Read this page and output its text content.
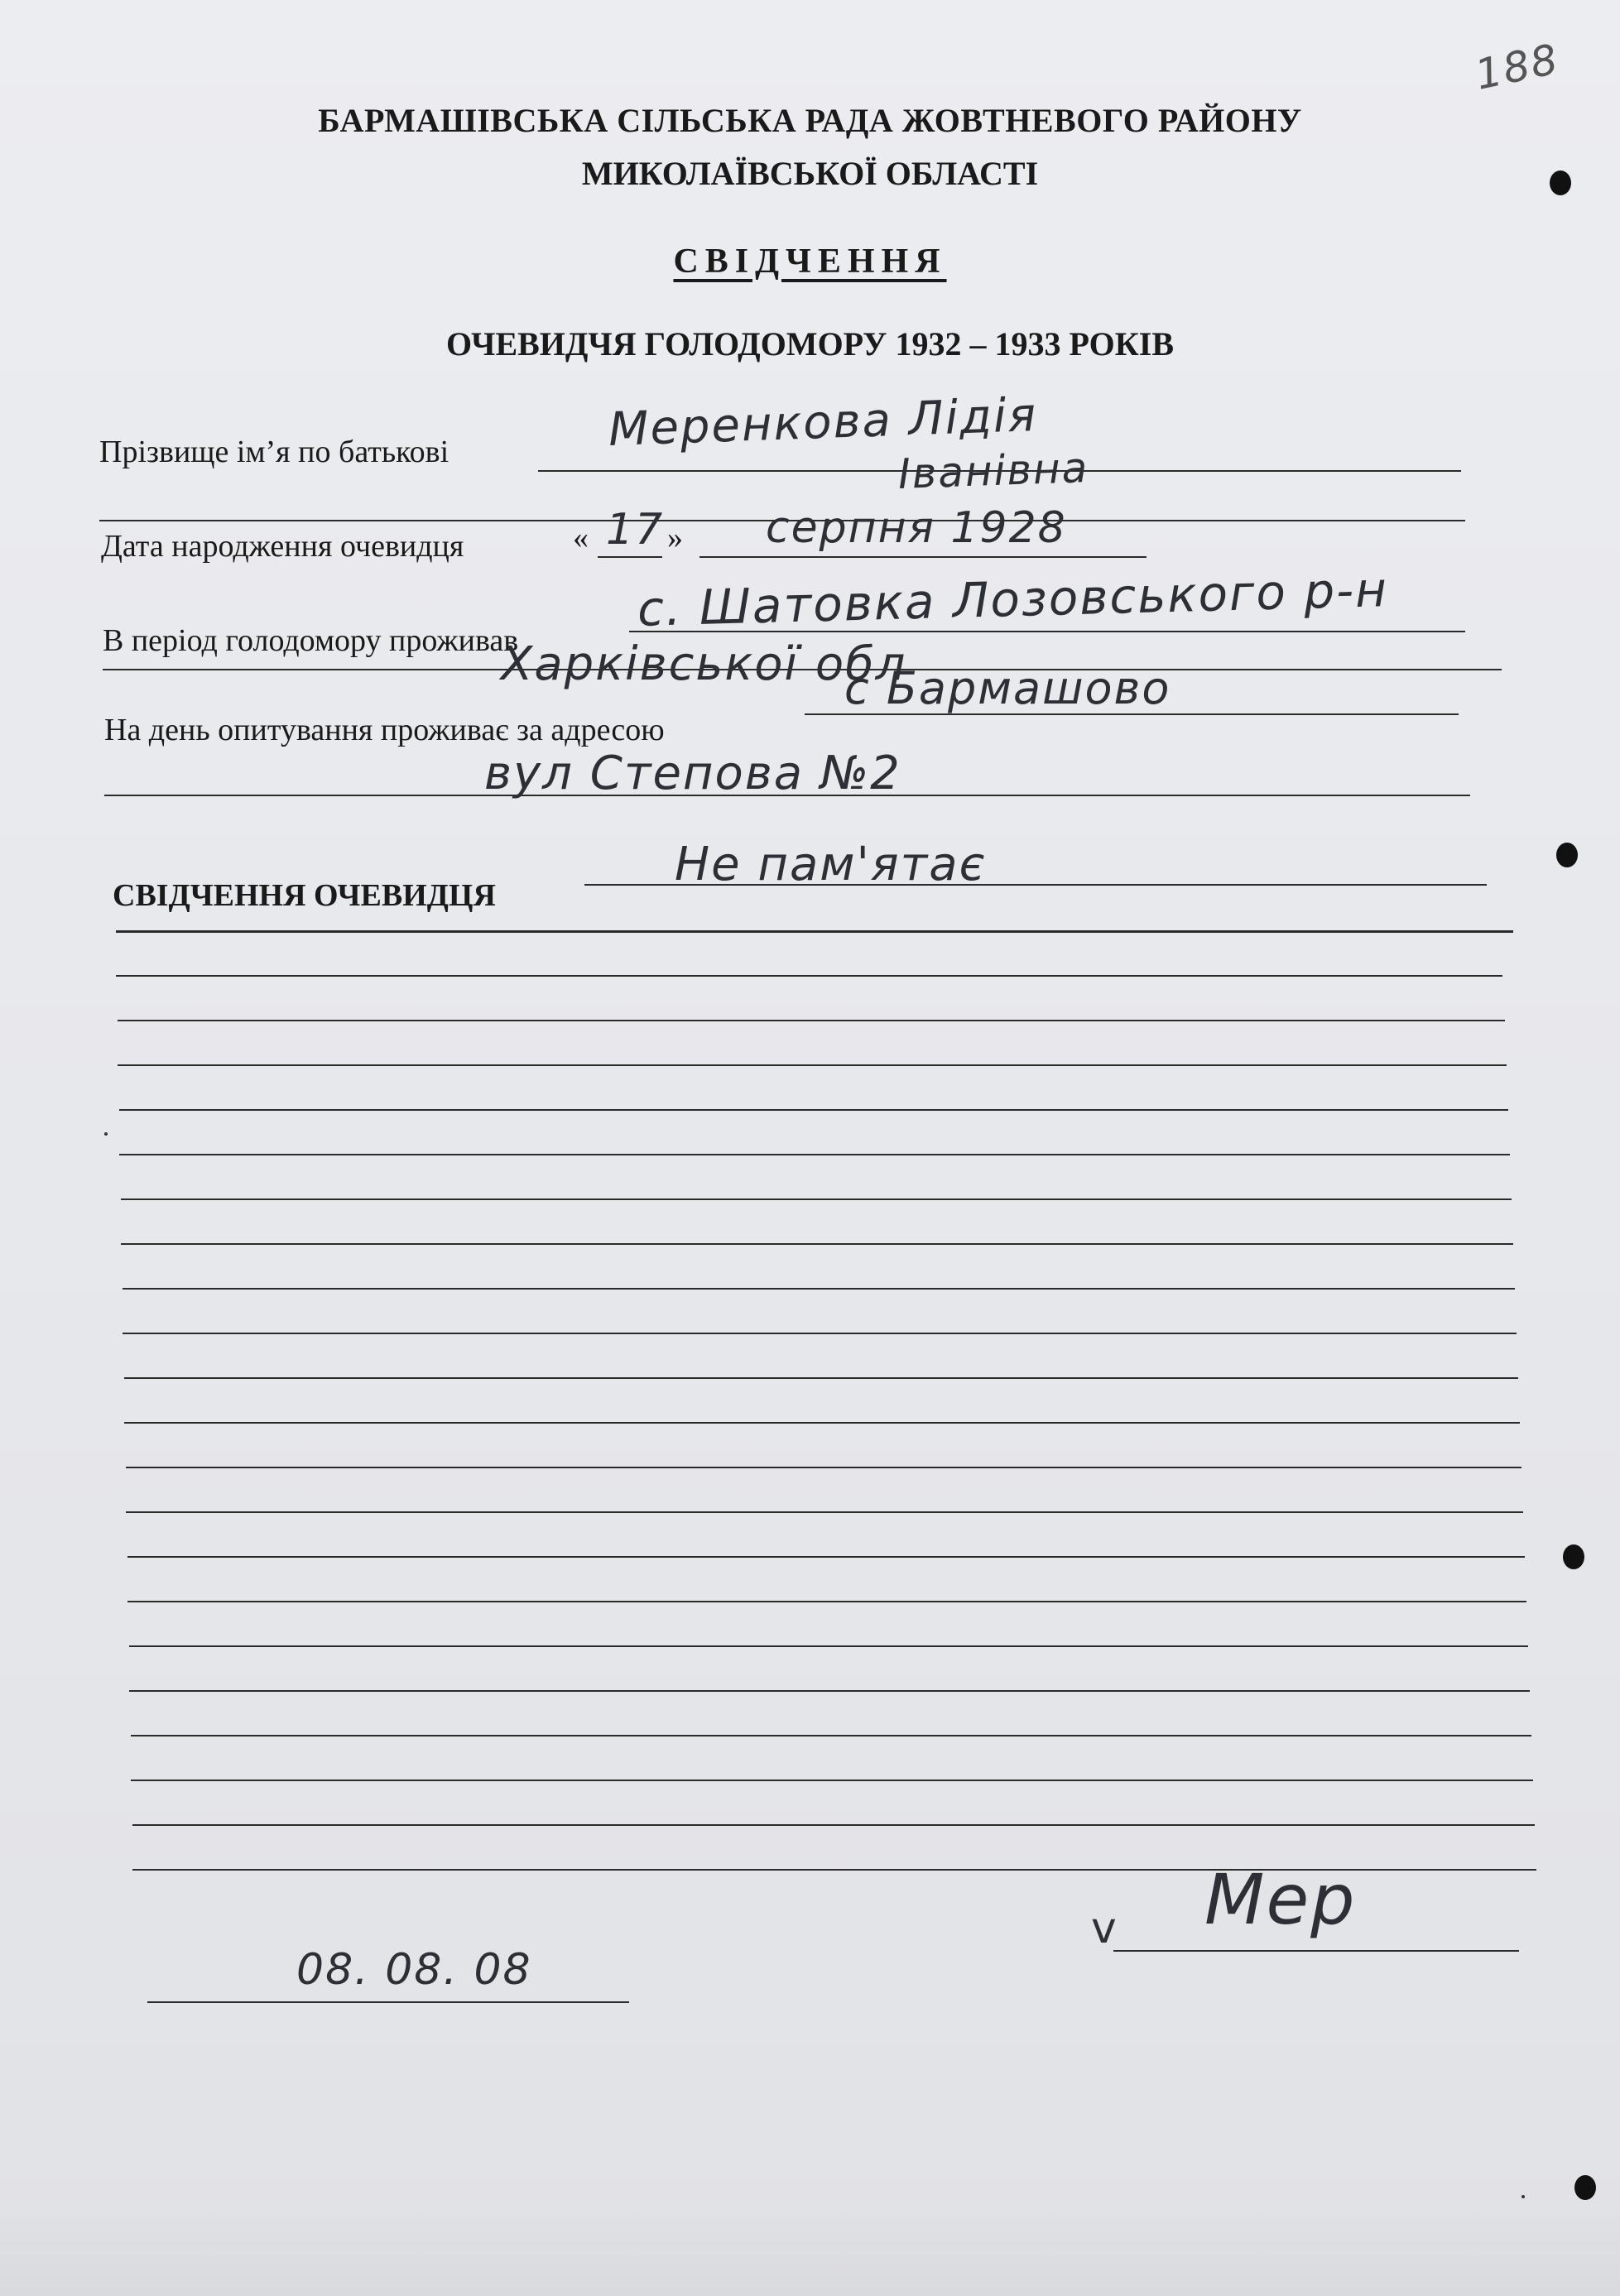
188
БАРМАШІВСЬКА СІЛЬСЬКА РАДА ЖОВТНЕВОГО РАЙОНУ
МИКОЛАЇВСЬКОЇ ОБЛАСТІ
СВІДЧЕННЯ
ОЧЕВИДЧЯ ГОЛОДОМОРУ 1932 – 1933 РОКІВ
Прізвище ім’я по батькові	Меренкова Лідія
Іванівна
Дата народження очевидця	« 17 » серпня 1928
В період голодомору проживав
с. Шатовка Лозовського р-н
Харківської обл
На день опитування проживає за адресою
с Бармашово
вул Степова №2
СВІДЧЕННЯ ОЧЕВИДЦЯ
Не пам'ятає
08. 08. 08
v Мер
